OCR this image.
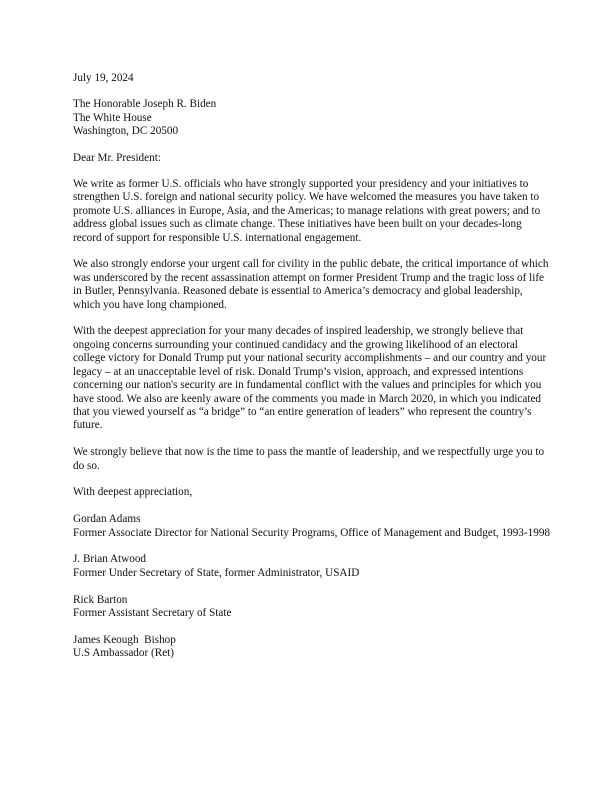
July 19, 2024
The Honorable Joseph R. Biden
The White House
Washington, DC 20500
Dear Mr. President:

We write as former U.S. officials who have strongly supported your presidency and your initiatives to strengthen U.S. foreign and national security policy. We have welcomed the measures you have taken to promote U.S. alliances in Europe, Asia, and the Americas; to manage relations with great powers; and to address global issues such as climate change. These initiatives have been built on your decades-long record of support for responsible U.S. international engagement.

We also strongly endorse your urgent call for civility in the public debate, the critical importance of which was underscored by the recent assassination attempt on former President Trump and the tragic loss of life in Butler, Pennsylvania. Reasoned debate is essential to America’s democracy and global leadership, which you have long championed.

With the deepest appreciation for your many decades of inspired leadership, we strongly believe that ongoing concerns surrounding your continued candidacy and the growing likelihood of an electoral college victory for Donald Trump put your national security accomplishments – and our country and your legacy – at an unacceptable level of risk. Donald Trump’s vision, approach, and expressed intentions concerning our nation's security are in fundamental conflict with the values and principles for which you have stood. We also are keenly aware of the comments you made in March 2020, in which you indicated that you viewed yourself as “a bridge” to “an entire generation of leaders” who represent the country’s future.

We strongly believe that now is the time to pass the mantle of leadership, and we respectfully urge you to do so.

With deepest appreciation,
Gordan Adams
Former Associate Director for National Security Programs, Office of Management and Budget, 1993-1998
J. Brian Atwood
Former Under Secretary of State, former Administrator, USAID
Rick Barton
Former Assistant Secretary of State
James Keough  Bishop
U.S Ambassador (Ret)
